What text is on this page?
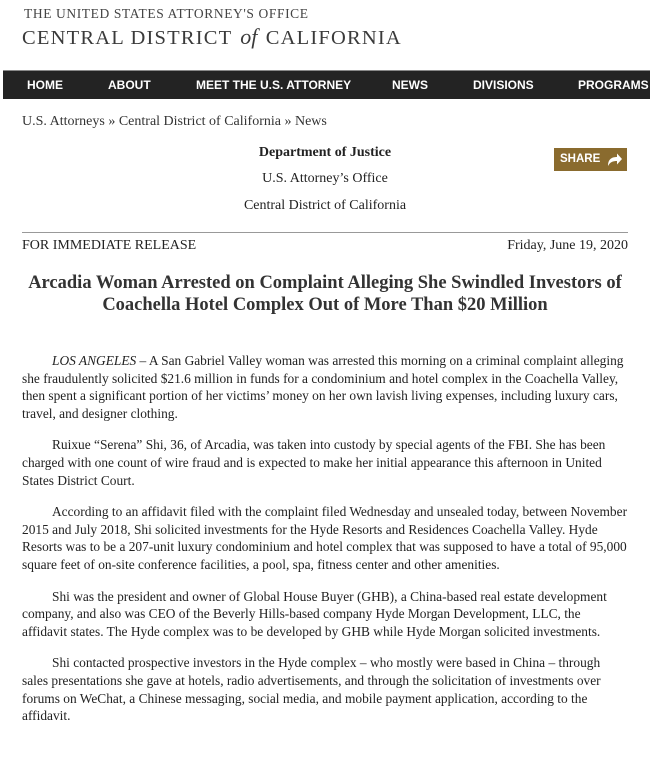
THE UNITED STATES ATTORNEY'S OFFICE
CENTRAL DISTRICT of CALIFORNIA
HOME	ABOUT	MEET THE U.S. ATTORNEY	NEWS	DIVISIONS	PROGRAMS
U.S. Attorneys » Central District of California » News
Department of Justice
U.S. Attorney’s Office
Central District of California
SHARE
FOR IMMEDIATE RELEASE	Friday, June 19, 2020
Arcadia Woman Arrested on Complaint Alleging She Swindled Investors of Coachella Hotel Complex Out of More Than $20 Million

LOS ANGELES – A San Gabriel Valley woman was arrested this morning on a criminal complaint alleging she fraudulently solicited $21.6 million in funds for a condominium and hotel complex in the Coachella Valley, then spent a significant portion of her victims’ money on her own lavish living expenses, including luxury cars, travel, and designer clothing.

Ruixue “Serena” Shi, 36, of Arcadia, was taken into custody by special agents of the FBI. She has been charged with one count of wire fraud and is expected to make her initial appearance this afternoon in United States District Court.

According to an affidavit filed with the complaint filed Wednesday and unsealed today, between November 2015 and July 2018, Shi solicited investments for the Hyde Resorts and Residences Coachella Valley. Hyde Resorts was to be a 207-unit luxury condominium and hotel complex that was supposed to have a total of 95,000 square feet of on-site conference facilities, a pool, spa, fitness center and other amenities.

Shi was the president and owner of Global House Buyer (GHB), a China-based real estate development company, and also was CEO of the Beverly Hills-based company Hyde Morgan Development, LLC, the affidavit states. The Hyde complex was to be developed by GHB while Hyde Morgan solicited investments.

Shi contacted prospective investors in the Hyde complex – who mostly were based in China – through sales presentations she gave at hotels, radio advertisements, and through the solicitation of investments over forums on WeChat, a Chinese messaging, social media, and mobile payment application, according to the affidavit.
